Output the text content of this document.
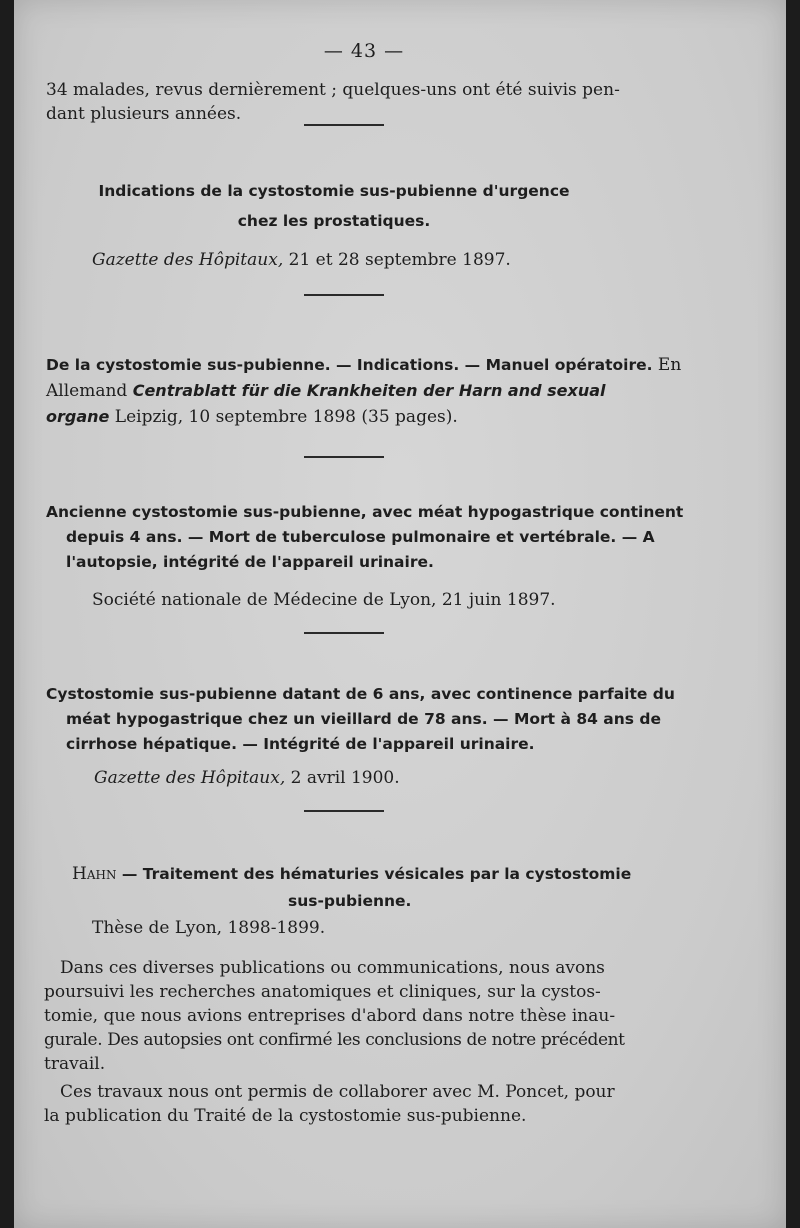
— 43 —
34 malades, revus dernièrement ; quelques-uns ont été suivis pen-
dant plusieurs années.
Indications de la cystostomie sus-pubienne d'urgence
chez les prostatiques.
Gazette des Hôpitaux, 21 et 28 septembre 1897.
De la cystostomie sus-pubienne. — Indications. — Manuel opératoire. En
Allemand Centrablatt für die Krankheiten der Harn and sexual
organe Leipzig, 10 septembre 1898 (35 pages).
Ancienne cystostomie sus-pubienne, avec méat hypogastrique continent
depuis 4 ans. — Mort de tuberculose pulmonaire et vertébrale. — A
l'autopsie, intégrité de l'appareil urinaire.
Société nationale de Médecine de Lyon, 21 juin 1897.
Cystostomie sus-pubienne datant de 6 ans, avec continence parfaite du
méat hypogastrique chez un vieillard de 78 ans. — Mort à 84 ans de
cirrhose hépatique. — Intégrité de l'appareil urinaire.
Gazette des Hôpitaux, 2 avril 1900.
Hahn — Traitement des hématuries vésicales par la cystostomie
sus-pubienne.
Thèse de Lyon, 1898-1899.
Dans ces diverses publications ou communications, nous avons
poursuivi les recherches anatomiques et cliniques, sur la cystos-
tomie, que nous avions entreprises d'abord dans notre thèse inau-
gurale. Des autopsies ont confirmé les conclusions de notre précédent
travail.
Ces travaux nous ont permis de collaborer avec M. Poncet, pour
la publication du Traité de la cystostomie sus-pubienne.
